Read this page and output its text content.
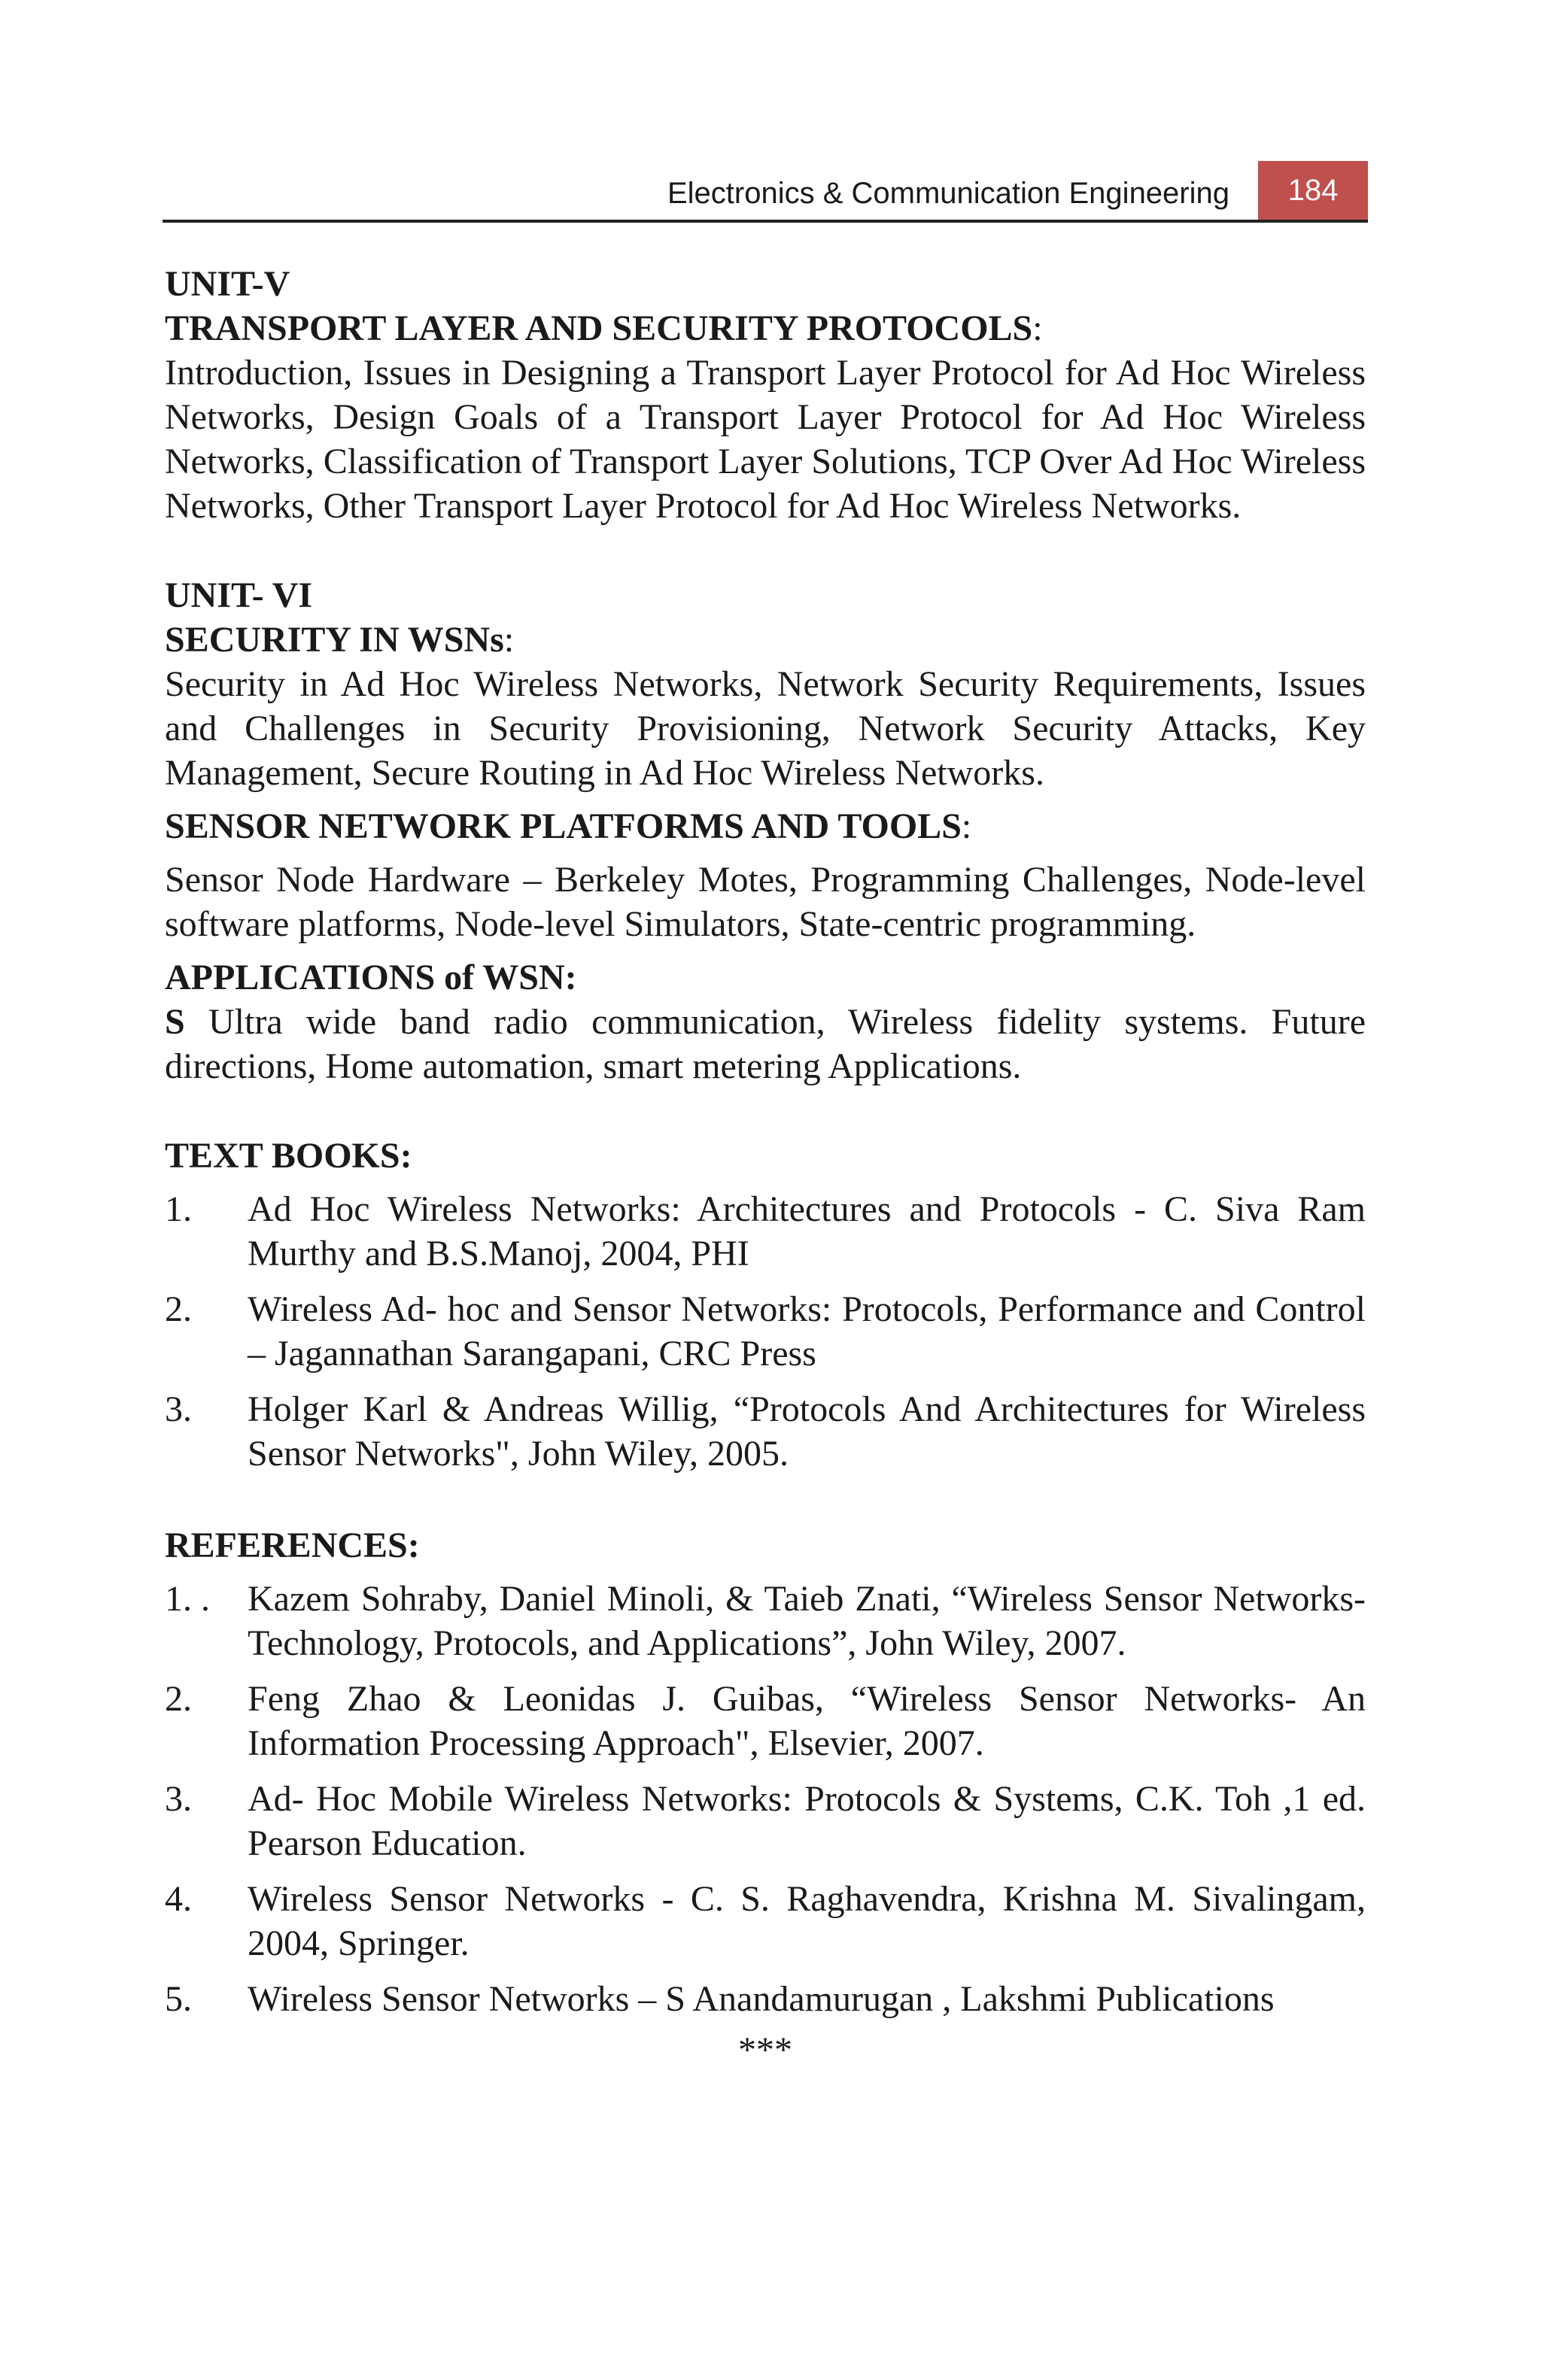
Electronics & Communication Engineering	184

UNIT-V

TRANSPORT LAYER AND SECURITY PROTOCOLS:

Introduction, Issues in Designing a Transport Layer Protocol for Ad Hoc Wireless Networks, Design Goals of a Transport Layer Protocol for Ad Hoc Wireless Networks, Classification of Transport Layer Solutions, TCP Over Ad Hoc Wireless Networks, Other Transport Layer Protocol for Ad Hoc Wireless Networks.

UNIT- VI

SECURITY IN WSNs:

Security in Ad Hoc Wireless Networks, Network Security Requirements, Issues and Challenges in Security Provisioning, Network Security Attacks, Key Management, Secure Routing in Ad Hoc Wireless Networks.

SENSOR NETWORK PLATFORMS AND TOOLS:

Sensor Node Hardware – Berkeley Motes, Programming Challenges, Node-level software platforms, Node-level Simulators, State-centric programming.

APPLICATIONS of WSN:

S Ultra wide band radio communication, Wireless fidelity systems. Future directions, Home automation, smart metering Applications.

TEXT BOOKS:

1.	Ad Hoc Wireless Networks: Architectures and Protocols - C. Siva Ram Murthy and B.S.Manoj, 2004, PHI
2.	Wireless Ad- hoc and Sensor Networks: Protocols, Performance and Control – Jagannathan Sarangapani, CRC Press
3.	Holger Karl & Andreas Willig, “Protocols And Architectures for Wireless Sensor Networks", John Wiley, 2005.

REFERENCES:

1. .	Kazem Sohraby, Daniel Minoli, & Taieb Znati, “Wireless Sensor Networks- Technology, Protocols, and Applications”, John Wiley, 2007.
2.	Feng Zhao & Leonidas J. Guibas, “Wireless Sensor Networks- An Information Processing Approach", Elsevier, 2007.
3.	Ad- Hoc Mobile Wireless Networks: Protocols & Systems, C.K. Toh ,1 ed. Pearson Education.
4.	Wireless Sensor Networks - C. S. Raghavendra, Krishna M. Sivalingam, 2004, Springer.
5.	Wireless Sensor Networks – S Anandamurugan , Lakshmi Publications
***
